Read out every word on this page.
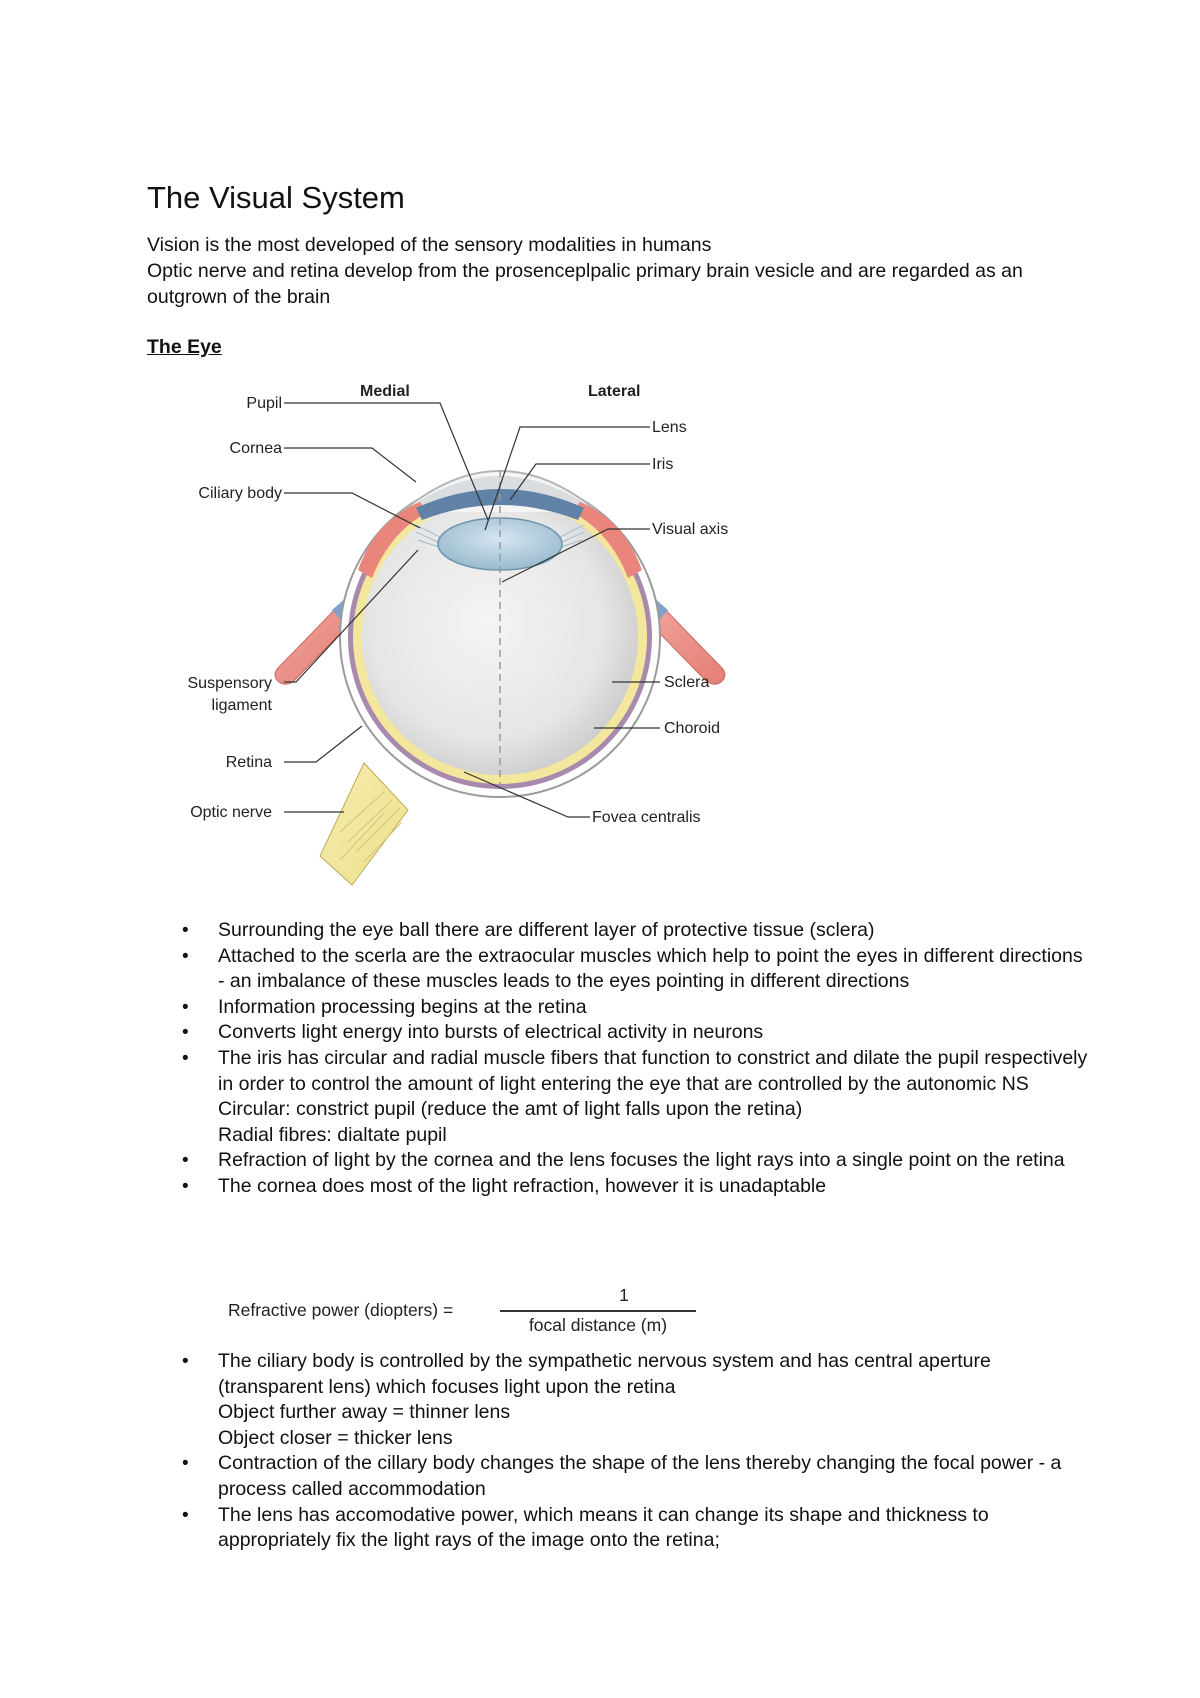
The Visual System

Vision is the most developed of the sensory modalities in humans

Optic nerve and retina develop from the prosenceplpalic primary brain vesicle and are regarded as an outgrown of the brain

The Eye
Medial	Lateral
Pupil
Cornea
Ciliary body
Suspensory
ligament
Retina
Optic nerve
Lens
Iris
Visual axis
Sclera
Choroid
Fovea centralis
• Surrounding the eye ball there are different layer of protective tissue (sclera)
• Attached to the scerla are the extraocular muscles which help to point the eyes in different directions - an imbalance of these muscles leads to the eyes pointing in different directions
• Information processing begins at the retina
• Converts light energy into bursts of electrical activity in neurons
• The iris has circular and radial muscle fibers that function to constrict and dilate the pupil respectively in order to control the amount of light entering the eye that are controlled by the autonomic NS
Circular: constrict pupil (reduce the amt of light falls upon the retina)
Radial fibres: dialtate pupil
• Refraction of light by the cornea and the lens focuses the light rays into a single point on the retina
• The cornea does most of the light refraction, however it is unadaptable
Refractive power (diopters) =
1
focal distance (m)
• The ciliary body is controlled by the sympathetic nervous system and has central aperture (transparent lens) which focuses light upon the retina
Object further away = thinner lens
Object closer = thicker lens
• Contraction of the cillary body changes the shape of the lens thereby changing the focal power - a process called accommodation
• The lens has accomodative power, which means it can change its shape and thickness to appropriately fix the light rays of the image onto the retina;
